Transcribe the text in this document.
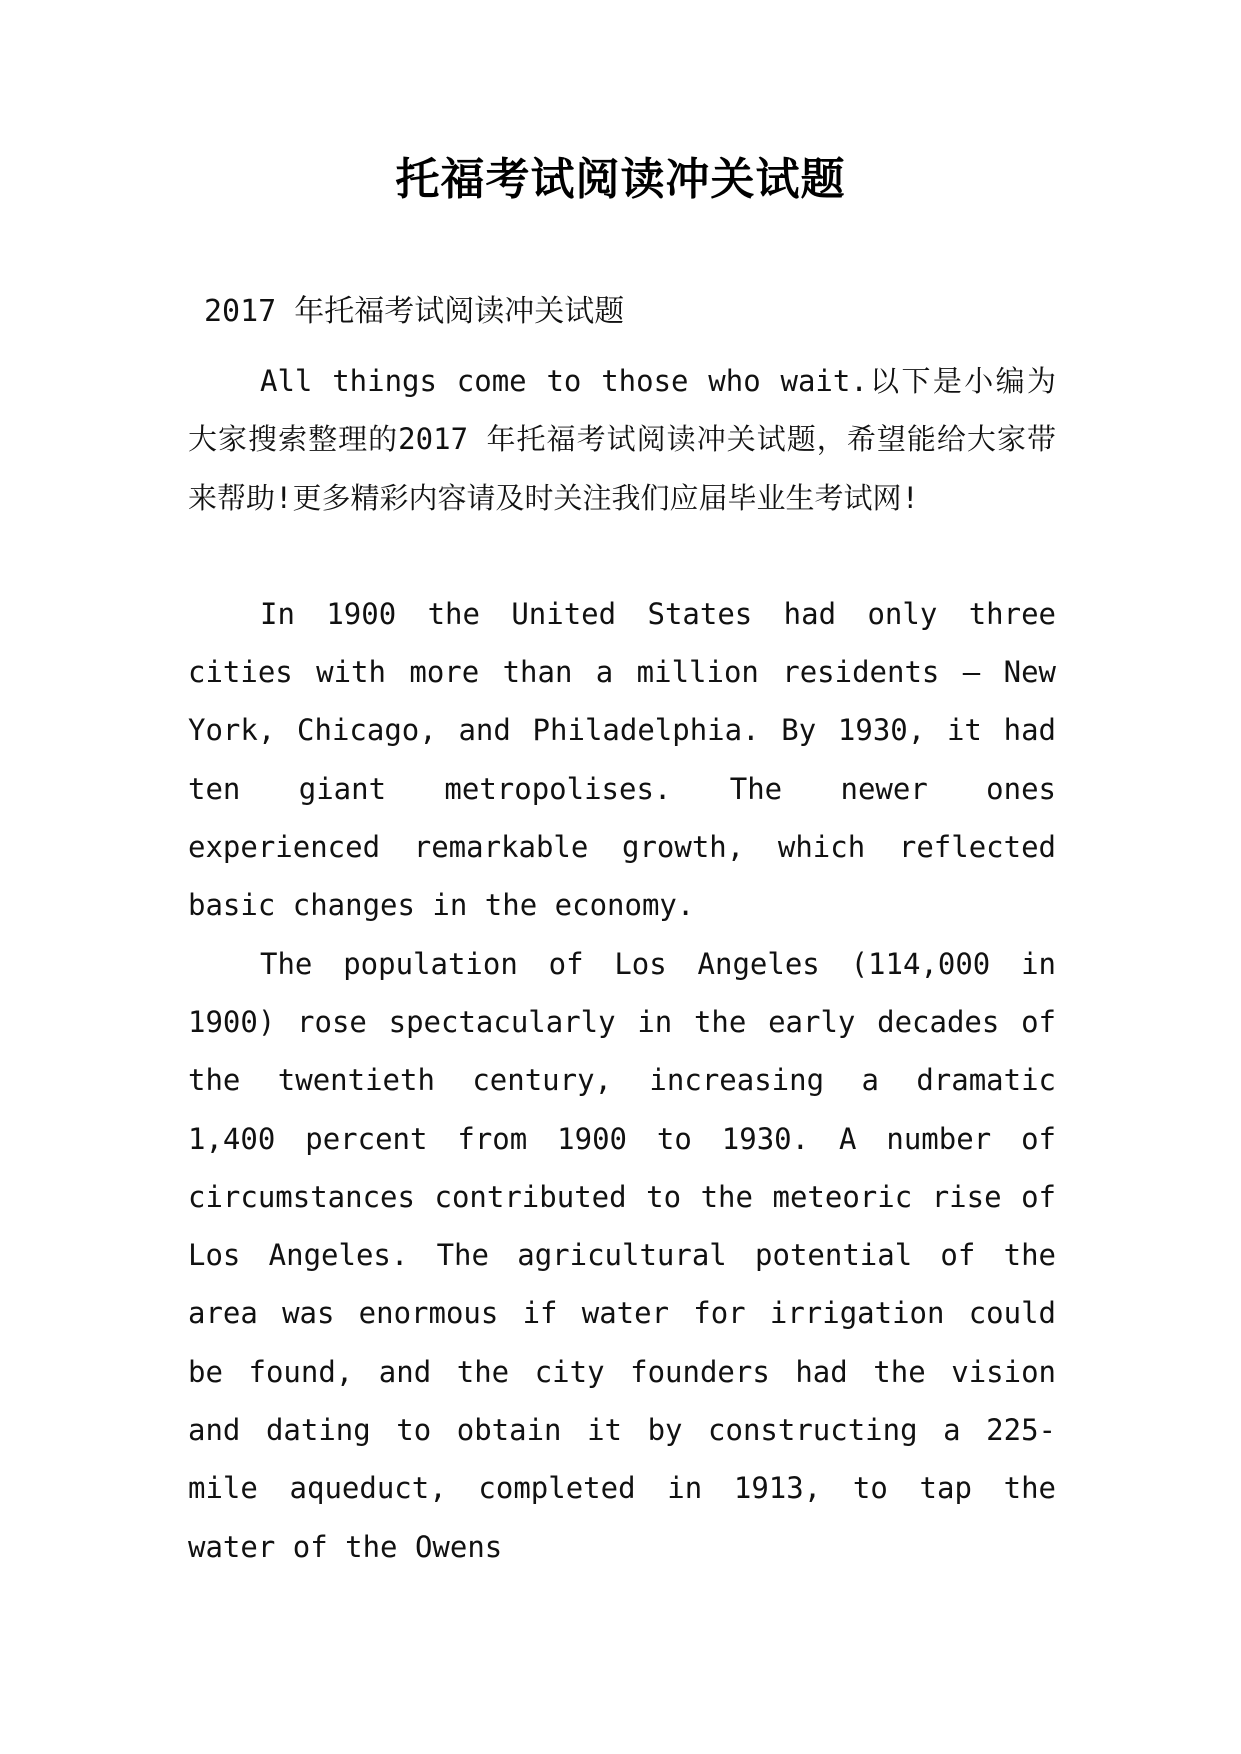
托福考试阅读冲关试题
2017 年托福考试阅读冲关试题

All things come to those who wait.以下是小编为大家搜索整理的2017 年托福考试阅读冲关试题，希望能给大家带来帮助!更多精彩内容请及时关注我们应届毕业生考试网!

In 1900 the United States had only three cities with more than a million residents — New York, Chicago, and Philadelphia. By 1930, it had ten giant metropolises. The newer ones experienced remarkable growth, which reflected basic changes in the economy.

The population of Los Angeles (114,000 in 1900) rose spectacularly in the early decades of the twentieth century, increasing a dramatic 1,400 percent from 1900 to 1930. A number of circumstances contributed to the meteoric rise of Los Angeles. The agricultural potential of the area was enormous if water for irrigation could be found, and the city founders had the vision and dating to obtain it by constructing a 225-mile aqueduct, completed in 1913, to tap the water of the Owens
